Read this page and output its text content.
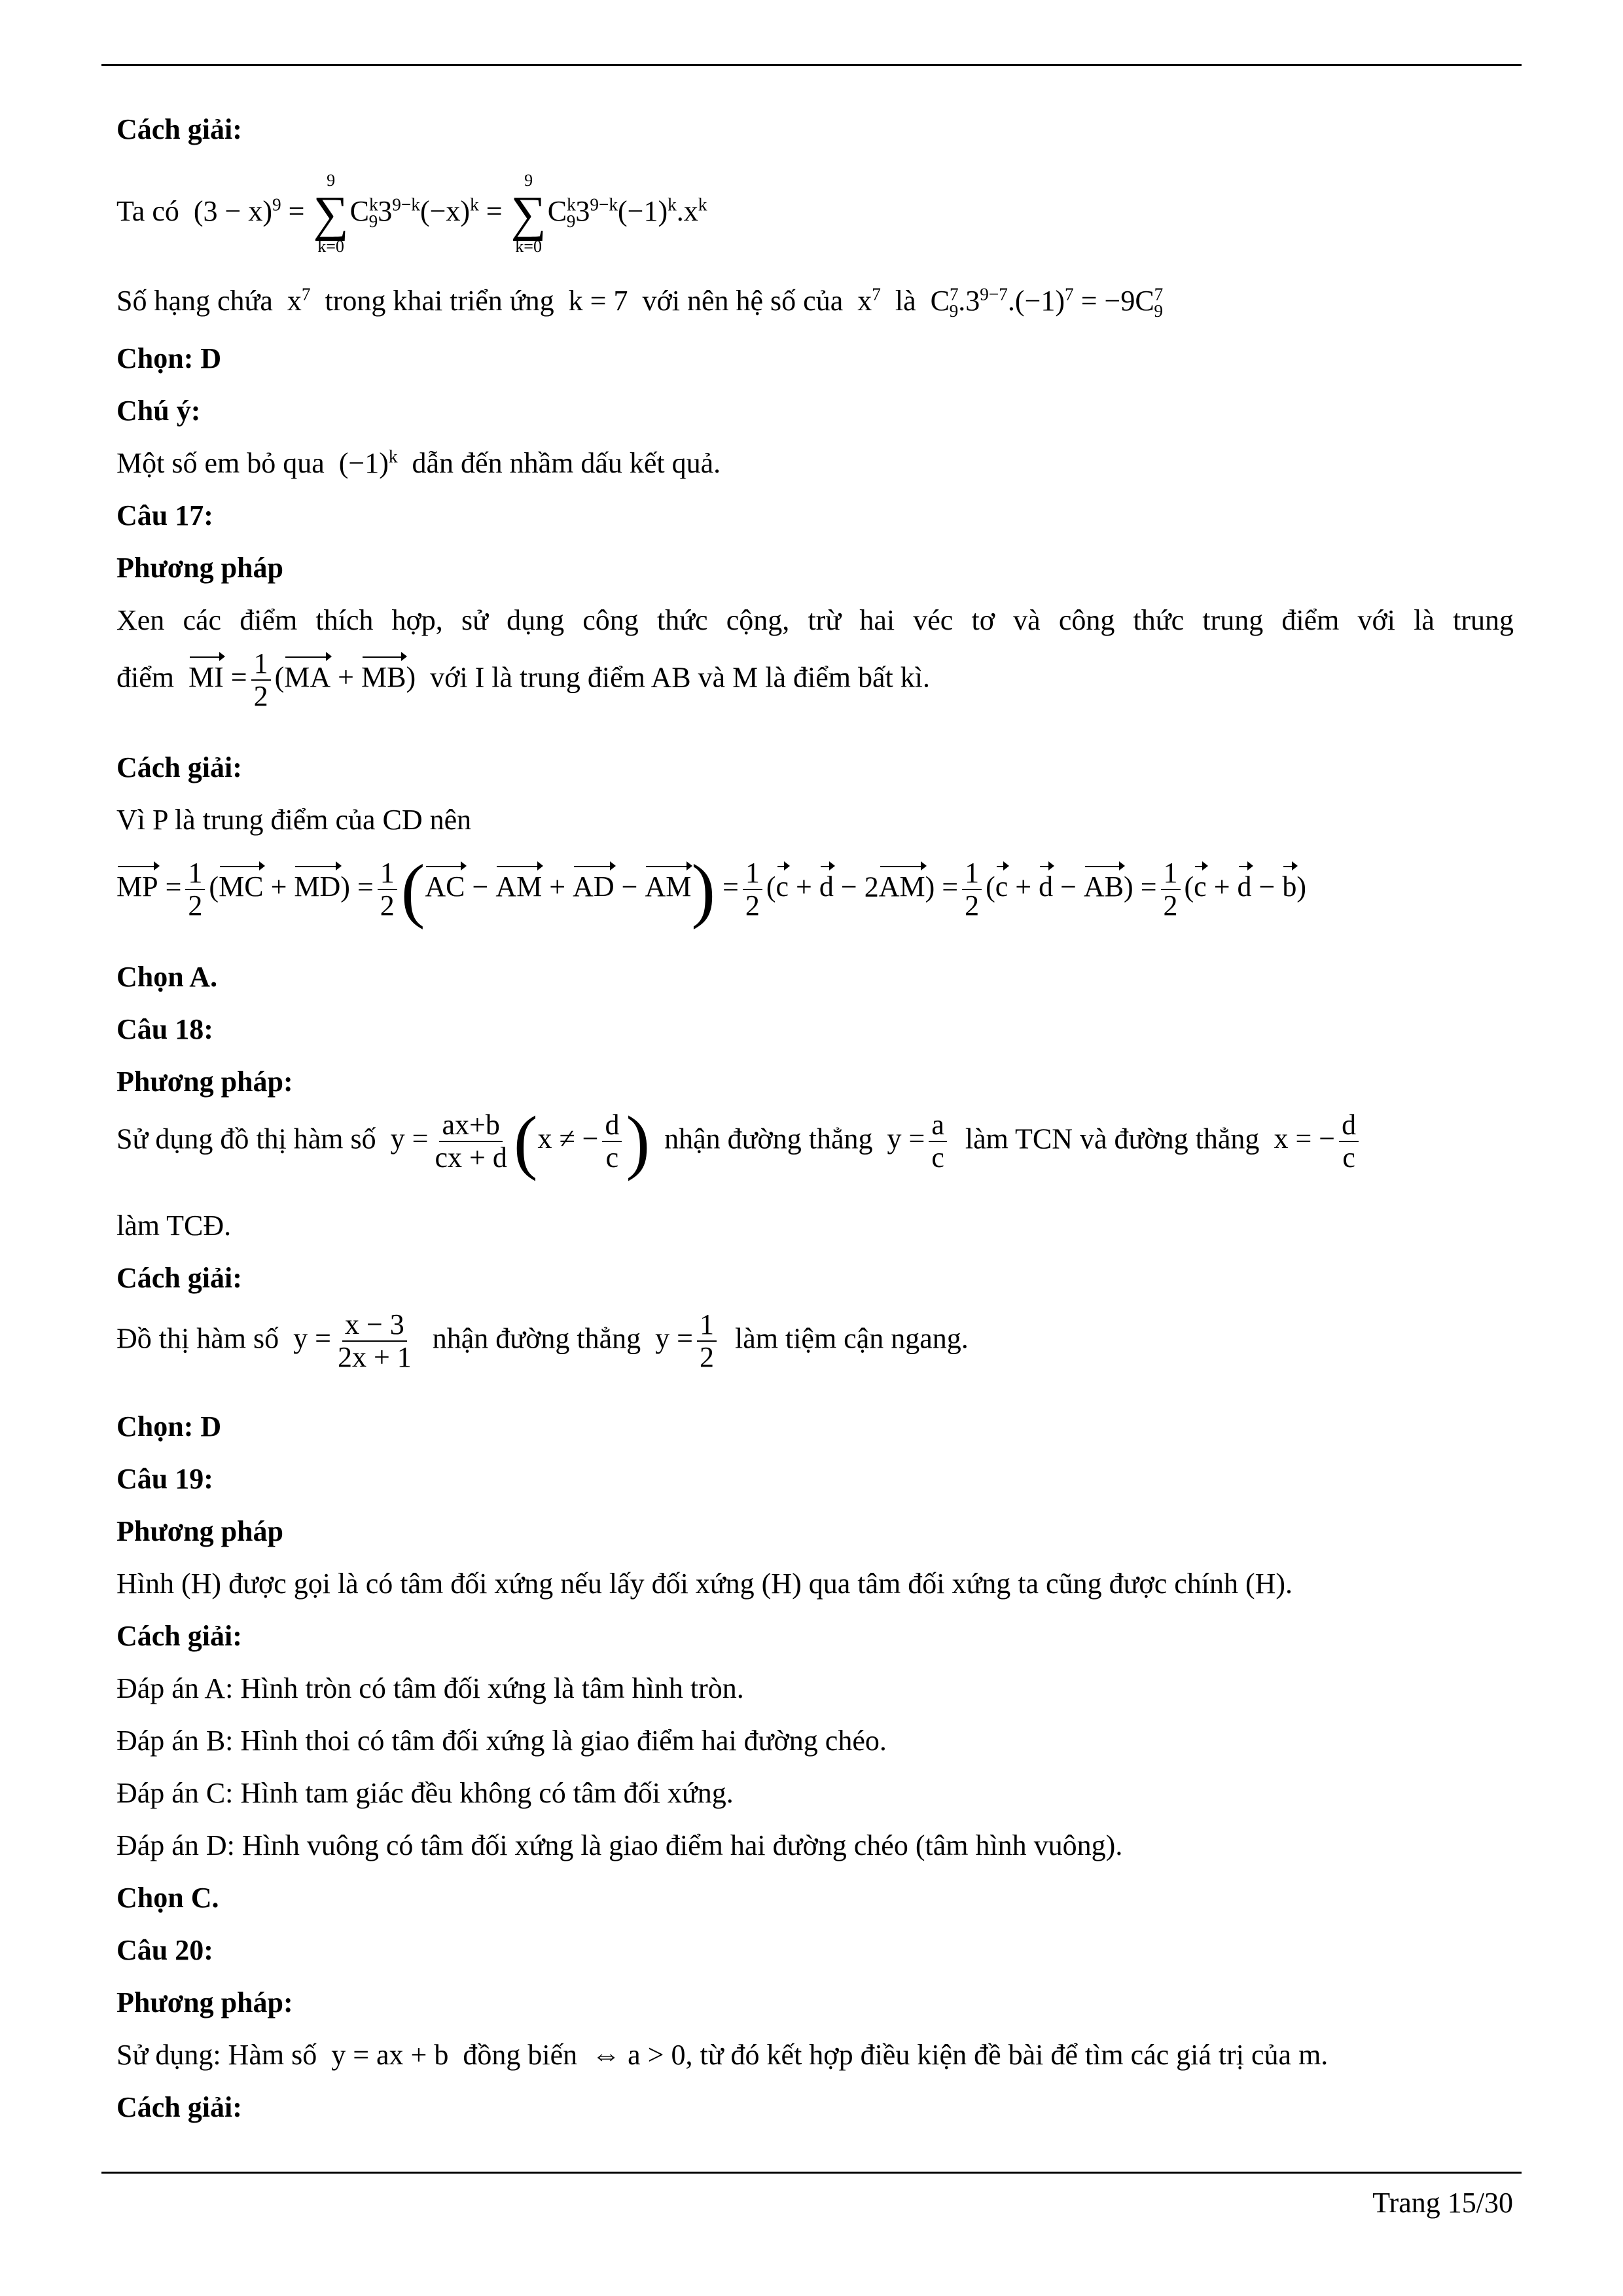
Cách giải:
Ta có  $(3 - x)^9$ =
9
∑
k=0
$C^k_93^{9-k}(-x)^k$ =
9
∑
k=0
$C^k_93^{9-k}(-1)^k.x^k$
Số hạng chứa  $x^7$ trong khai triển ứng  k = 7  với nên hệ số của  $x^7$ là  $C^7_9.3^{9-7}.(-1)^7 = -9C^7_9$
Chọn: D
Chú ý:
Một số em bỏ qua  $(-1)^k$ dẫn đến nhầm dấu kết quả.
Câu 17:
Phương pháp
Xen các điểm thích hợp, sử dụng công thức cộng, trừ hai véc tơ và công thức trung điểm với là trung
điểm MI = $\frac{1}{2} (MA + MB)$  với I là trung điểm AB và M là điểm bất kì.
Cách giải:
Vì P là trung điểm của CD nên
MP = $\frac{1}{2} (MC + MD) = \frac{1}{2} (AC$ − AM + AD − $AM) = \frac{1}{2} (c + d - 2AM) = \frac{1}{2} (c + d - AB) = \frac{1}{2} (c + d - b)$
Chọn A.
Câu 18:
Phương pháp:
Sử dụng đồ thị hàm số  $y = \frac{ax+b}{cx + d} (x$ ≠ − $\frac{d}{c}$ ) nhận đường thẳng  $y = \frac{a}{c}$ làm TCN và đường thẳng  x = − $\frac{d}{c}$
làm TCĐ.
Cách giải:
Đồ thị hàm số  $y = \frac{x - 3}{2x + 1}$ nhận đường thẳng  $y = \frac{1}{2}$ làm tiệm cận ngang.
Chọn: D
Câu 19:
Phương pháp
Hình (H) được gọi là có tâm đối xứng nếu lấy đối xứng (H) qua tâm đối xứng ta cũng được chính (H).
Cách giải:
Đáp án A: Hình tròn có tâm đối xứng là tâm hình tròn.
Đáp án B: Hình thoi có tâm đối xứng là giao điểm hai đường chéo.
Đáp án C: Hình tam giác đều không có tâm đối xứng.
Đáp án D: Hình vuông có tâm đối xứng là giao điểm hai đường chéo (tâm hình vuông).
Chọn C.
Câu 20:
Phương pháp:
Sử dụng: Hàm số  y = ax + b  đồng biến  ⇔ a > 0, từ đó kết hợp điều kiện đề bài để tìm các giá trị của m.
Cách giải:
Trang 15/30
